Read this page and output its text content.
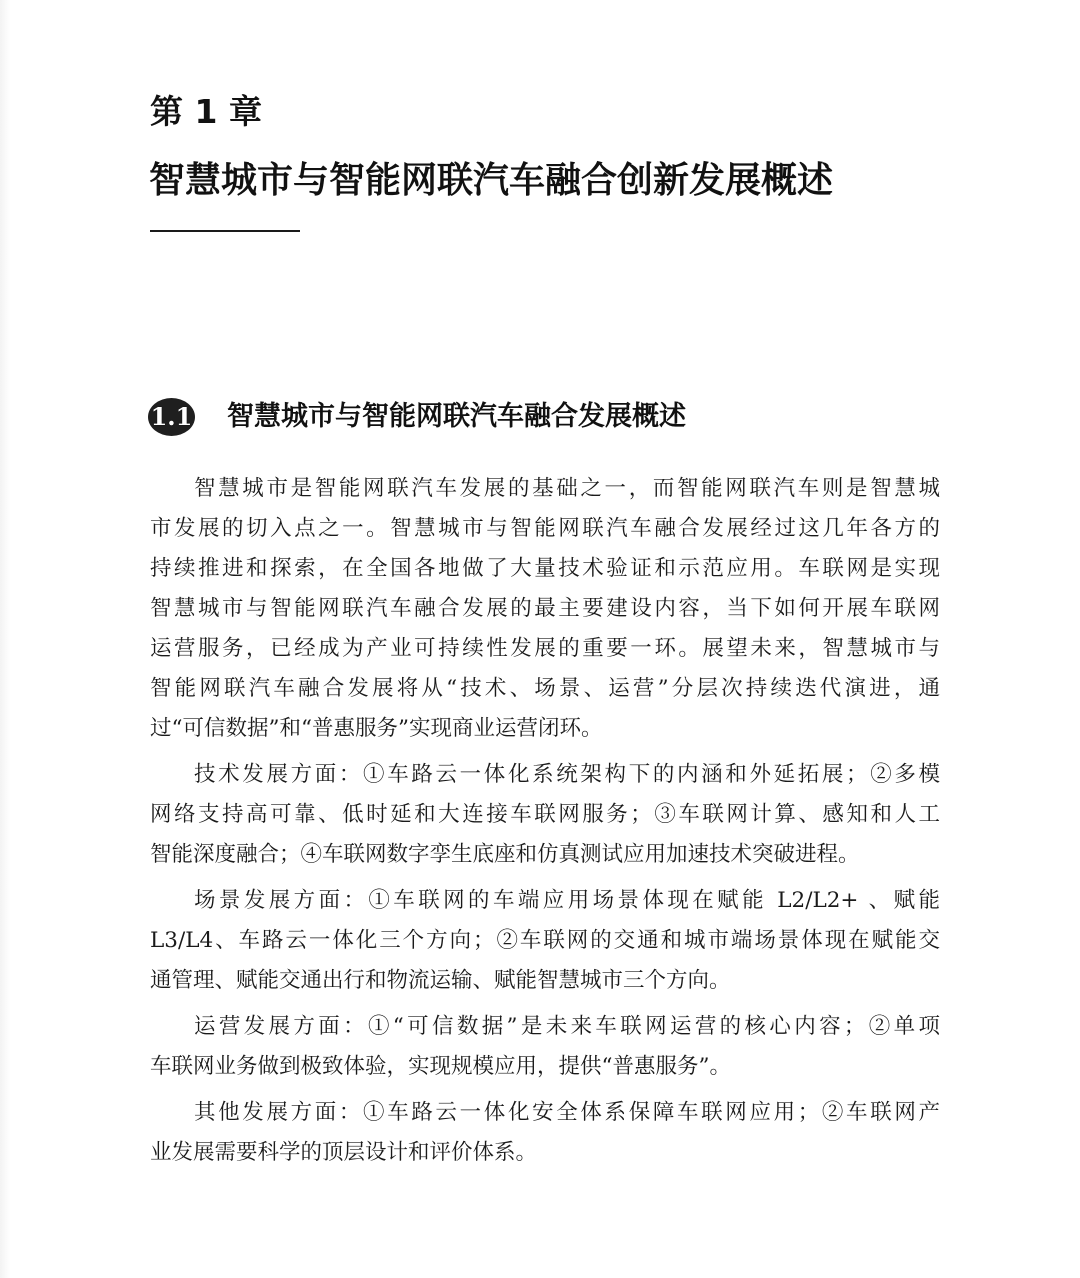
第 1 章
智慧城市与智能网联汽车融合创新发展概述
1.1 智慧城市与智能网联汽车融合发展概述
智慧城市是智能网联汽车发展的基础之一，而智能网联汽车则是智慧城
市发展的切入点之一。智慧城市与智能网联汽车融合发展经过这几年各方的
持续推进和探索，在全国各地做了大量技术验证和示范应用。车联网是实现
智慧城市与智能网联汽车融合发展的最主要建设内容，当下如何开展车联网
运营服务，已经成为产业可持续性发展的重要一环。展望未来，智慧城市与
智能网联汽车融合发展将从“技术、场景、运营”分层次持续迭代演进，通
过“可信数据”和“普惠服务”实现商业运营闭环。
技术发展方面：①车路云一体化系统架构下的内涵和外延拓展；②多模
网络支持高可靠、低时延和大连接车联网服务；③车联网计算、感知和人工
智能深度融合；④车联网数字孪生底座和仿真测试应用加速技术突破进程。
场景发展方面：①车联网的车端应用场景体现在赋能 L2/L2+ 、赋能
L3/L4、车路云一体化三个方向；②车联网的交通和城市端场景体现在赋能交
通管理、赋能交通出行和物流运输、赋能智慧城市三个方向。
运营发展方面：①“可信数据”是未来车联网运营的核心内容；②单项
车联网业务做到极致体验，实现规模应用，提供“普惠服务”。
其他发展方面：①车路云一体化安全体系保障车联网应用；②车联网产
业发展需要科学的顶层设计和评价体系。
